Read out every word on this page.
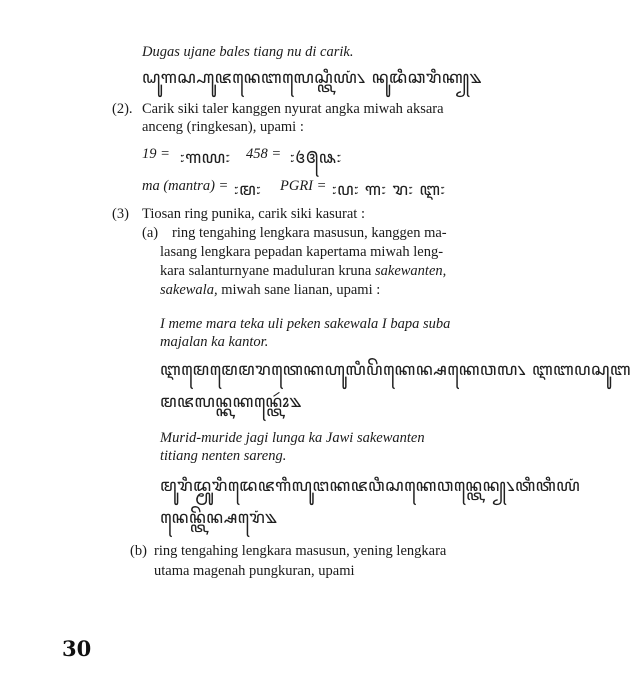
Dugas ujane bales tiang nu di carik.
ꦝꦸꦒꦱ꧀ꦲꦸꦗꦤꦺꦧꦭꦺꦱ꧀ꦠꦶꦪꦁ꧈ ꦤꦸꦢꦶꦕꦫꦶꦏ꧀꧉
(2). Carik siki taler kanggen nyurat angka miwah aksara
anceng (ringkesan), upami :
19 = ꧇꧑꧙꧇ 458 = ꧇꧔꧕꧘꧇
ma (mantra) = ꧇ꦩ꧇ PGRI = ꧇ꦥ꧇ ꦒ꧇ ꦫ꧇ ꦆ꧇
(3) Tiosan ring punika, carik siki kasurat :
(a) ring tengahing lengkara masusun, kanggen ma-
lasang lengkara pepadan kapertama miwah leng-
kara salanturnyane maduluran kruna sakewanten,
sakewala, miwah sane lianan, upami :
I meme mara teka uli peken sakewala I bapa suba
majalan ka kantor.
ꦆꦩꦺꦩꦺꦩꦫꦠꦺꦏꦲꦸꦭꦶꦥꦼꦏꦺꦤ꧀ꦱꦏꦺꦮꦭ꧈ ꦆꦧꦥꦱꦸꦧ
ꦩꦗꦭꦤ꧀ꦏꦏꦤ꧀ꦠꦺꦴꦂ꧉
Murid-muride jagi lunga ka Jawi sakewanten
titiang nenten sareng.
ꦩꦸꦫꦶꦢ꧀ꦩꦸꦫꦶꦢꦺꦗꦒꦶꦭꦸꦔꦏꦗꦮꦶꦱꦏꦺꦮꦤ꧀ꦠꦺꦤ꧀꧈ꦠꦶꦠꦶꦪꦁ
ꦤꦺꦤ꧀ꦠꦼꦤ꧀ꦱꦫꦺꦁ꧉
(b) ring tengahing lengkara masusun, yening lengkara
utama magenah pungkuran, upami
30
